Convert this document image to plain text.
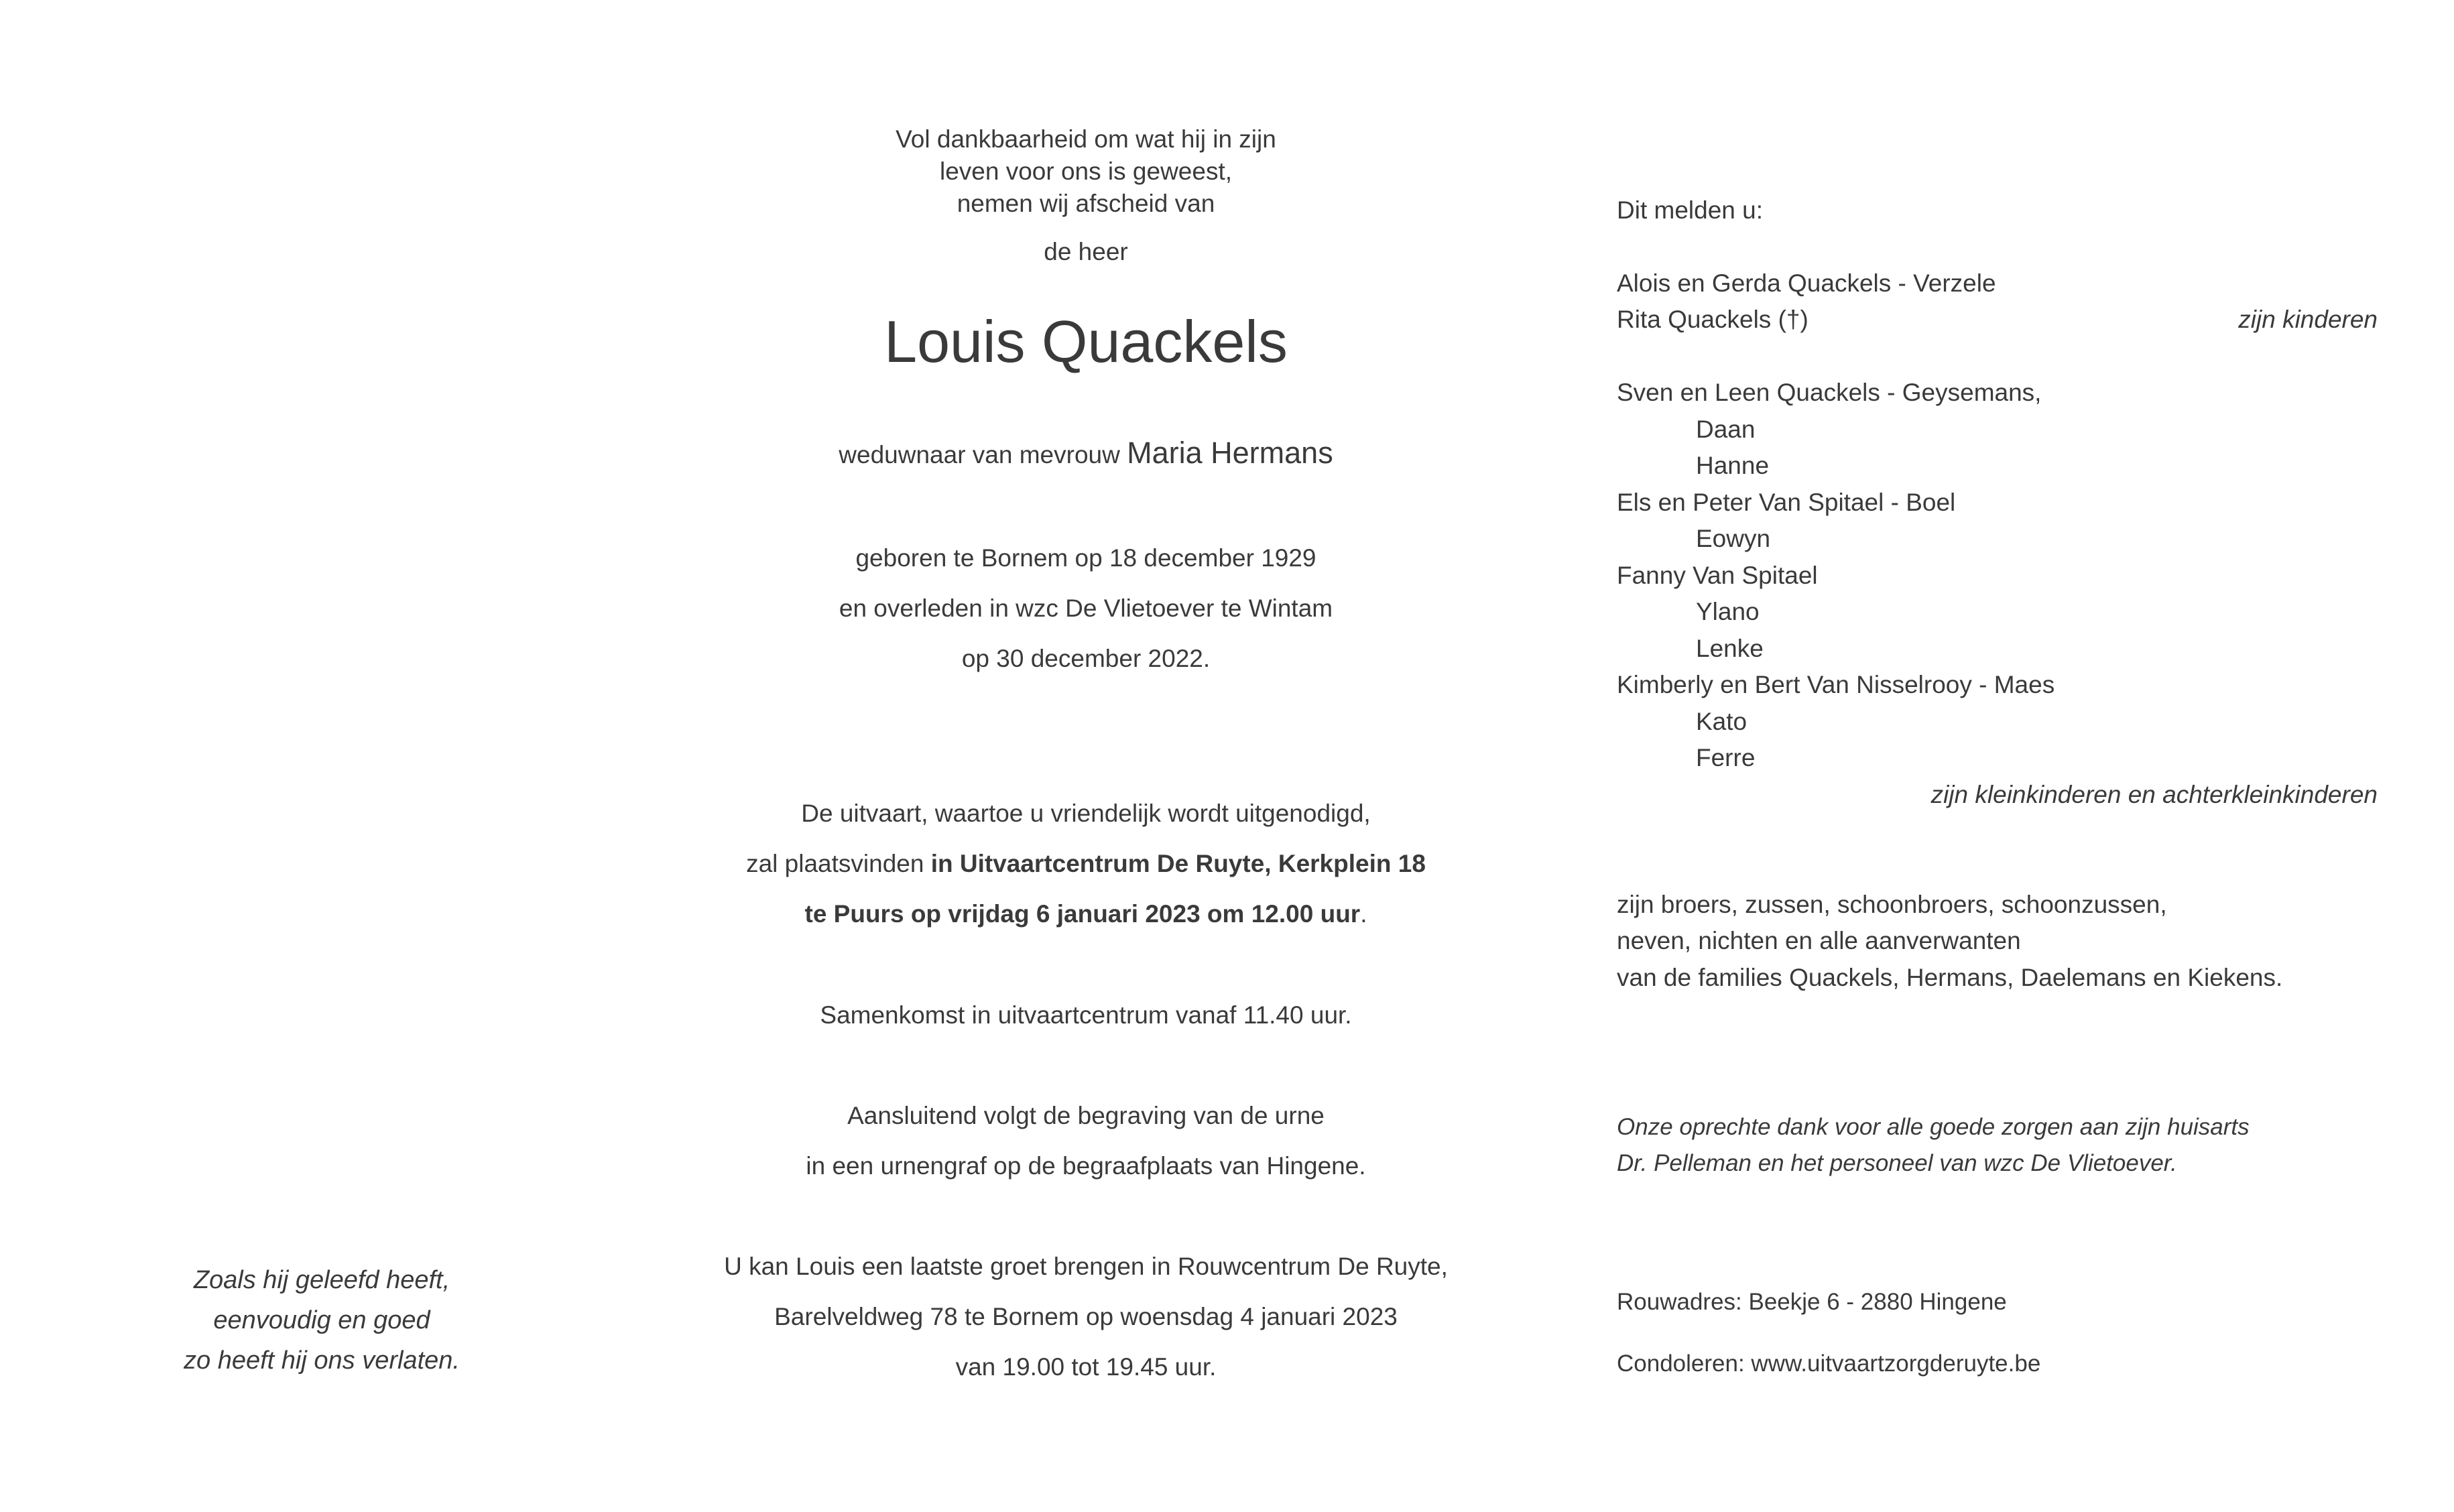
Zoals hij geleefd heeft,
eenvoudig en goed
zo heeft hij ons verlaten.
Vol dankbaarheid om wat hij in zijn
leven voor ons is geweest,
nemen wij afscheid van
de heer
Louis Quackels
weduwnaar van mevrouw Maria Hermans
geboren te Bornem op 18 december 1929
en overleden in wzc De Vlietoever te Wintam
op 30 december 2022.
De uitvaart, waartoe u vriendelijk wordt uitgenodigd,
zal plaatsvinden in Uitvaartcentrum De Ruyte, Kerkplein 18
te Puurs op vrijdag 6 januari 2023 om 12.00 uur.
Samenkomst in uitvaartcentrum vanaf 11.40 uur.
Aansluitend volgt de begraving van de urne
in een urnengraf op de begraafplaats van Hingene.
U kan Louis een laatste groet brengen in Rouwcentrum De Ruyte,
Barelveldweg 78 te Bornem op woensdag 4 januari 2023
van 19.00 tot 19.45 uur.
Dit melden u:
Alois en Gerda Quackels - Verzele
Rita Quackels (†)	zijn kinderen
Sven en Leen Quackels - Geysemans,
Daan
Hanne
Els en Peter Van Spitael - Boel
Eowyn
Fanny Van Spitael
Ylano
Lenke
Kimberly en Bert Van Nisselrooy - Maes
Kato
Ferre
zijn kleinkinderen en achterkleinkinderen
zijn broers, zussen, schoonbroers, schoonzussen,
neven, nichten en alle aanverwanten
van de families Quackels, Hermans, Daelemans en Kiekens.
Onze oprechte dank voor alle goede zorgen aan zijn huisarts
Dr. Pelleman en het personeel van wzc De Vlietoever.
Rouwadres: Beekje 6 - 2880 Hingene
Condoleren: www.uitvaartzorgderuyte.be
